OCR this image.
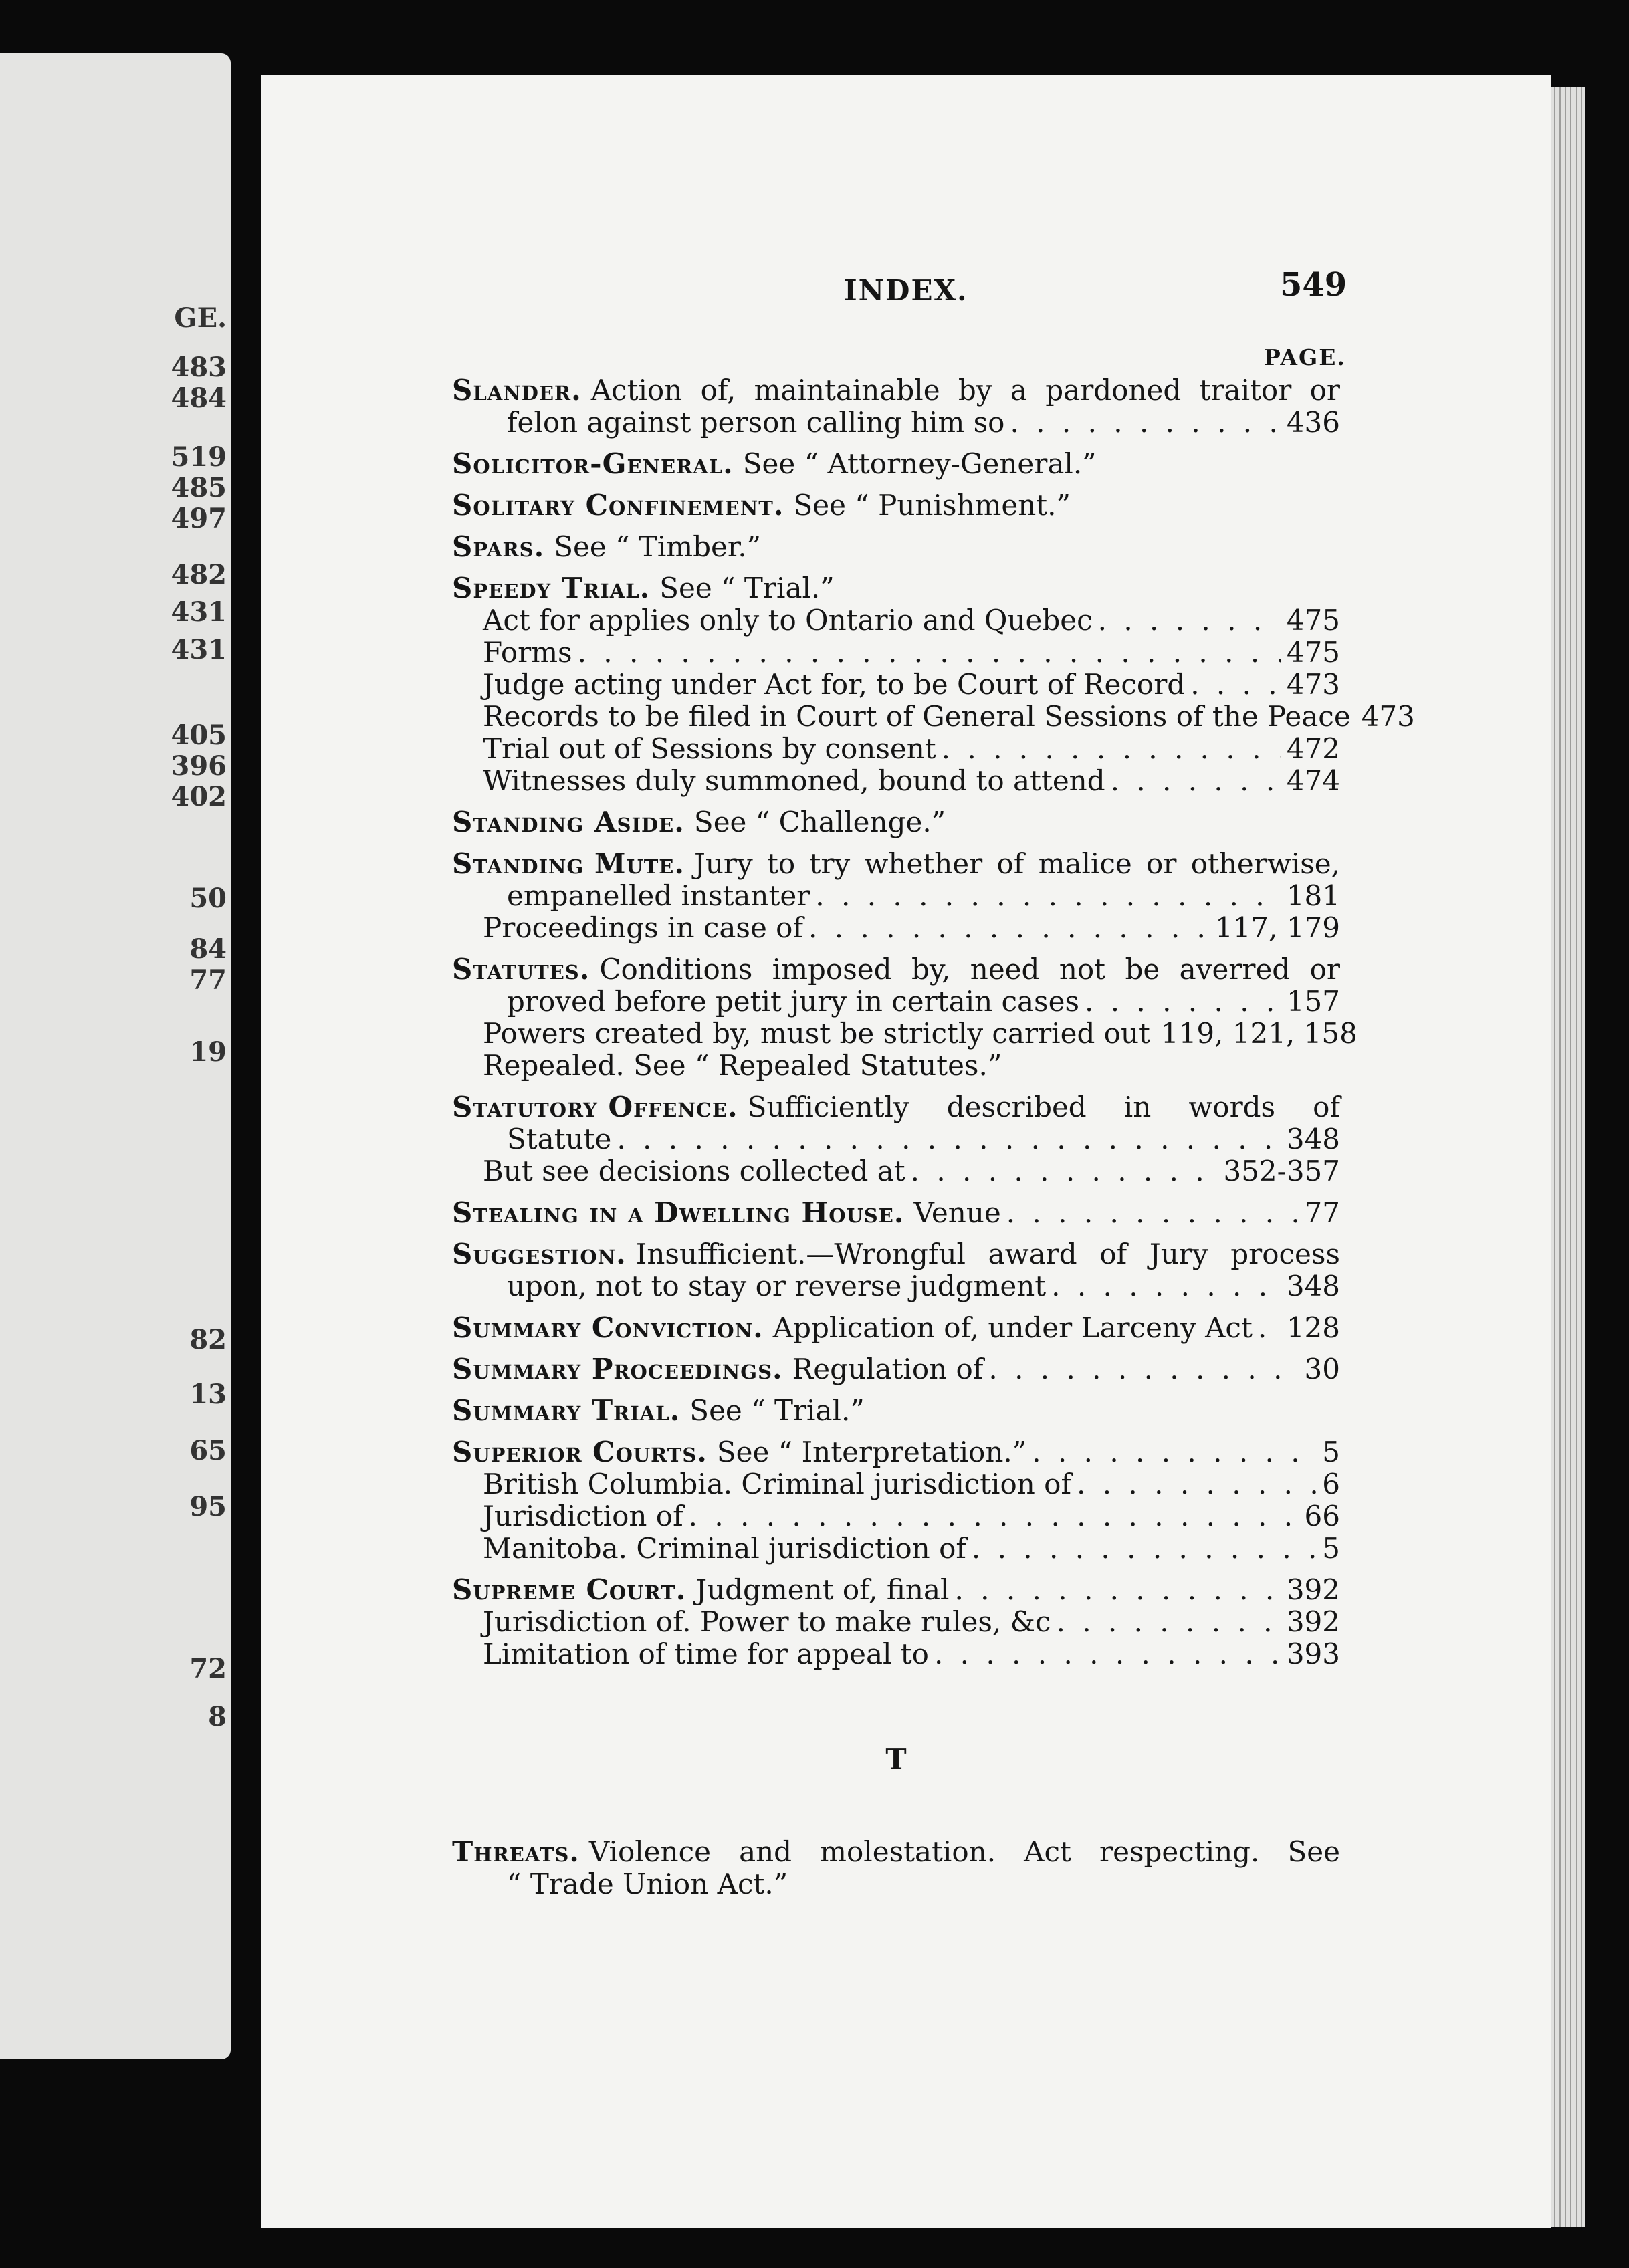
GE.
483
484
519
485
497
482
431
431
405
396
402
50
84
77
19
82
13
65
95
72
8
INDEX.	549
PAGE.
Slander. Action of, maintainable by a pardoned traitor or
felon against person calling him so . . .	436
Solicitor-General. See “ Attorney-General.”
Solitary Confinement. See “ Punishment.”
Spars. See “ Timber.”
Speedy Trial. See “ Trial.”
Act for applies only to Ontario and Quebec . . .	475
Forms . . .	475
Judge acting under Act for, to be Court of Record . . .	473
Records to be filed in Court of General Sessions of the Peace 473
Trial out of Sessions by consent . . .	472
Witnesses duly summoned, bound to attend . . .	474
Standing Aside. See “ Challenge.”
Standing Mute. Jury to try whether of malice or otherwise,
empanelled instanter . . .	181
Proceedings in case of . . .	117, 179
Statutes. Conditions imposed by, need not be averred or
proved before petit jury in certain cases . . .	157
Powers created by, must be strictly carried out 119, 121, 158
Repealed. See “ Repealed Statutes.”
Statutory Offence. Sufficiently described in words of
Statute . . .	348
But see decisions collected at . . .	352-357
Stealing in a Dwelling House. Venue . . .	77
Suggestion. Insufficient.—Wrongful award of Jury process
upon, not to stay or reverse judgment . . .	348
Summary Conviction. Application of, under Larceny Act . . . 128
Summary Proceedings. Regulation of . . .	30
Summary Trial. See “ Trial.”
Superior Courts. See “ Interpretation.” . . .	5
British Columbia. Criminal jurisdiction of . . .	6
Jurisdiction of . . .	66
Manitoba. Criminal jurisdiction of . . .	5
Supreme Court. Judgment of, final . . .	392
Jurisdiction of. Power to make rules, &c . . .	392
Limitation of time for appeal to . . .	393
T
Threats. Violence and molestation. Act respecting. See
“ Trade Union Act.”
